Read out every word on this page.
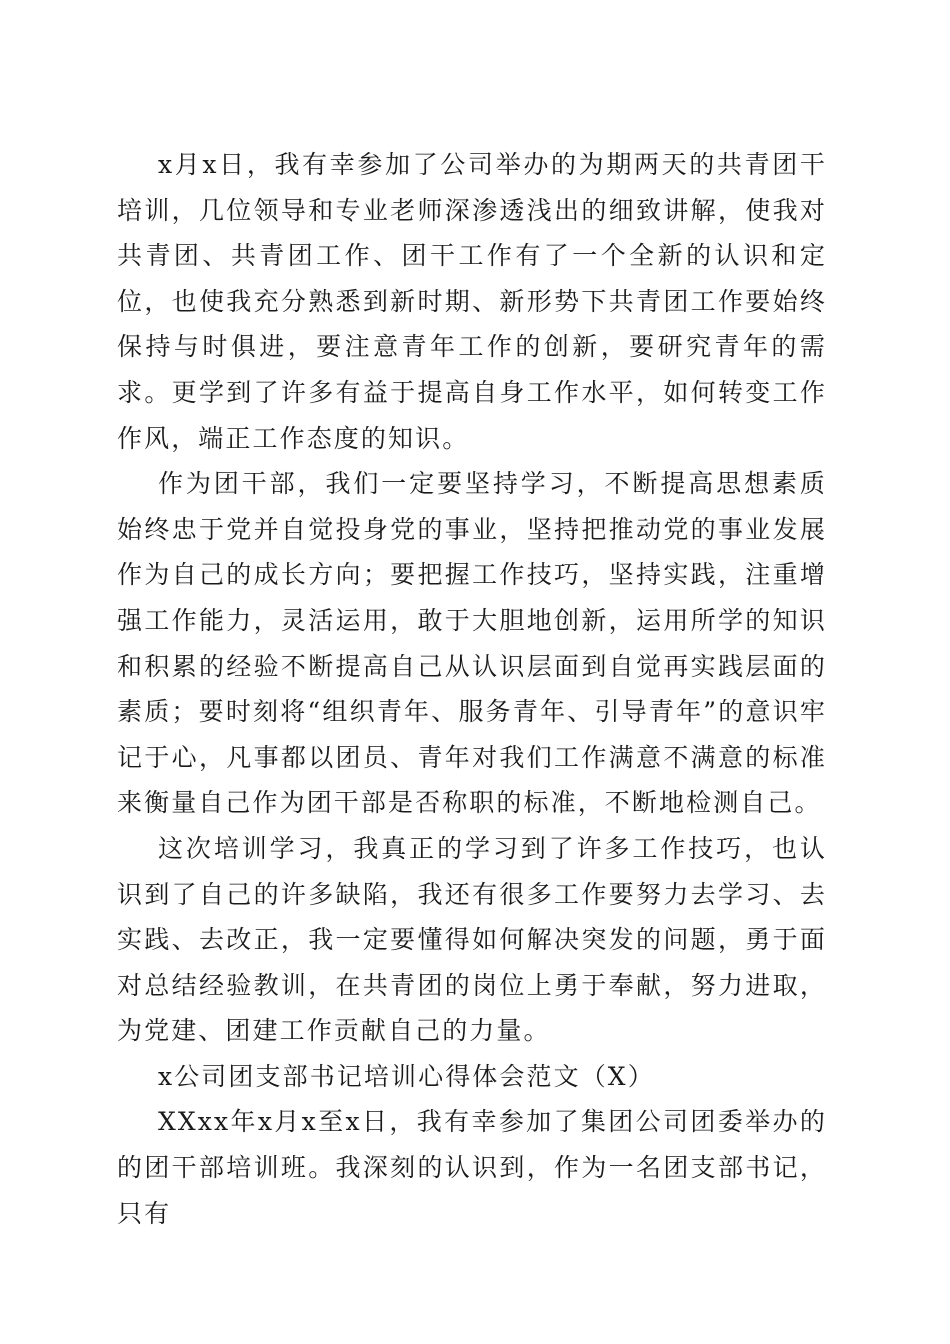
x月x日，我有幸参加了公司举办的为期两天的共青团干培训，几位领导和专业老师深渗透浅出的细致讲解，使我对共青团、共青团工作、团干工作有了一个全新的认识和定位，也使我充分熟悉到新时期、新形势下共青团工作要始终保持与时俱进，要注意青年工作的创新，要研究青年的需求。更学到了许多有益于提高自身工作水平，如何转变工作作风，端正工作态度的知识。

作为团干部，我们一定要坚持学习，不断提高思想素质始终忠于党并自觉投身党的事业，坚持把推动党的事业发展作为自己的成长方向；要把握工作技巧，坚持实践，注重增强工作能力，灵活运用，敢于大胆地创新，运用所学的知识和积累的经验不断提高自己从认识层面到自觉再实践层面的素质；要时刻将“组织青年、服务青年、引导青年”的意识牢记于心，凡事都以团员、青年对我们工作满意不满意的标准来衡量自己作为团干部是否称职的标准，不断地检测自己。

这次培训学习，我真正的学习到了许多工作技巧，也认识到了自己的许多缺陷，我还有很多工作要努力去学习、去实践、去改正，我一定要懂得如何解决突发的问题，勇于面对总结经验教训，在共青团的岗位上勇于奉献，努力进取，为党建、团建工作贡献自己的力量。

x公司团支部书记培训心得体会范文（X）

XXxx年x月x至x日，我有幸参加了集团公司团委举办的的团干部培训班。我深刻的认识到，作为一名团支部书记，只有
